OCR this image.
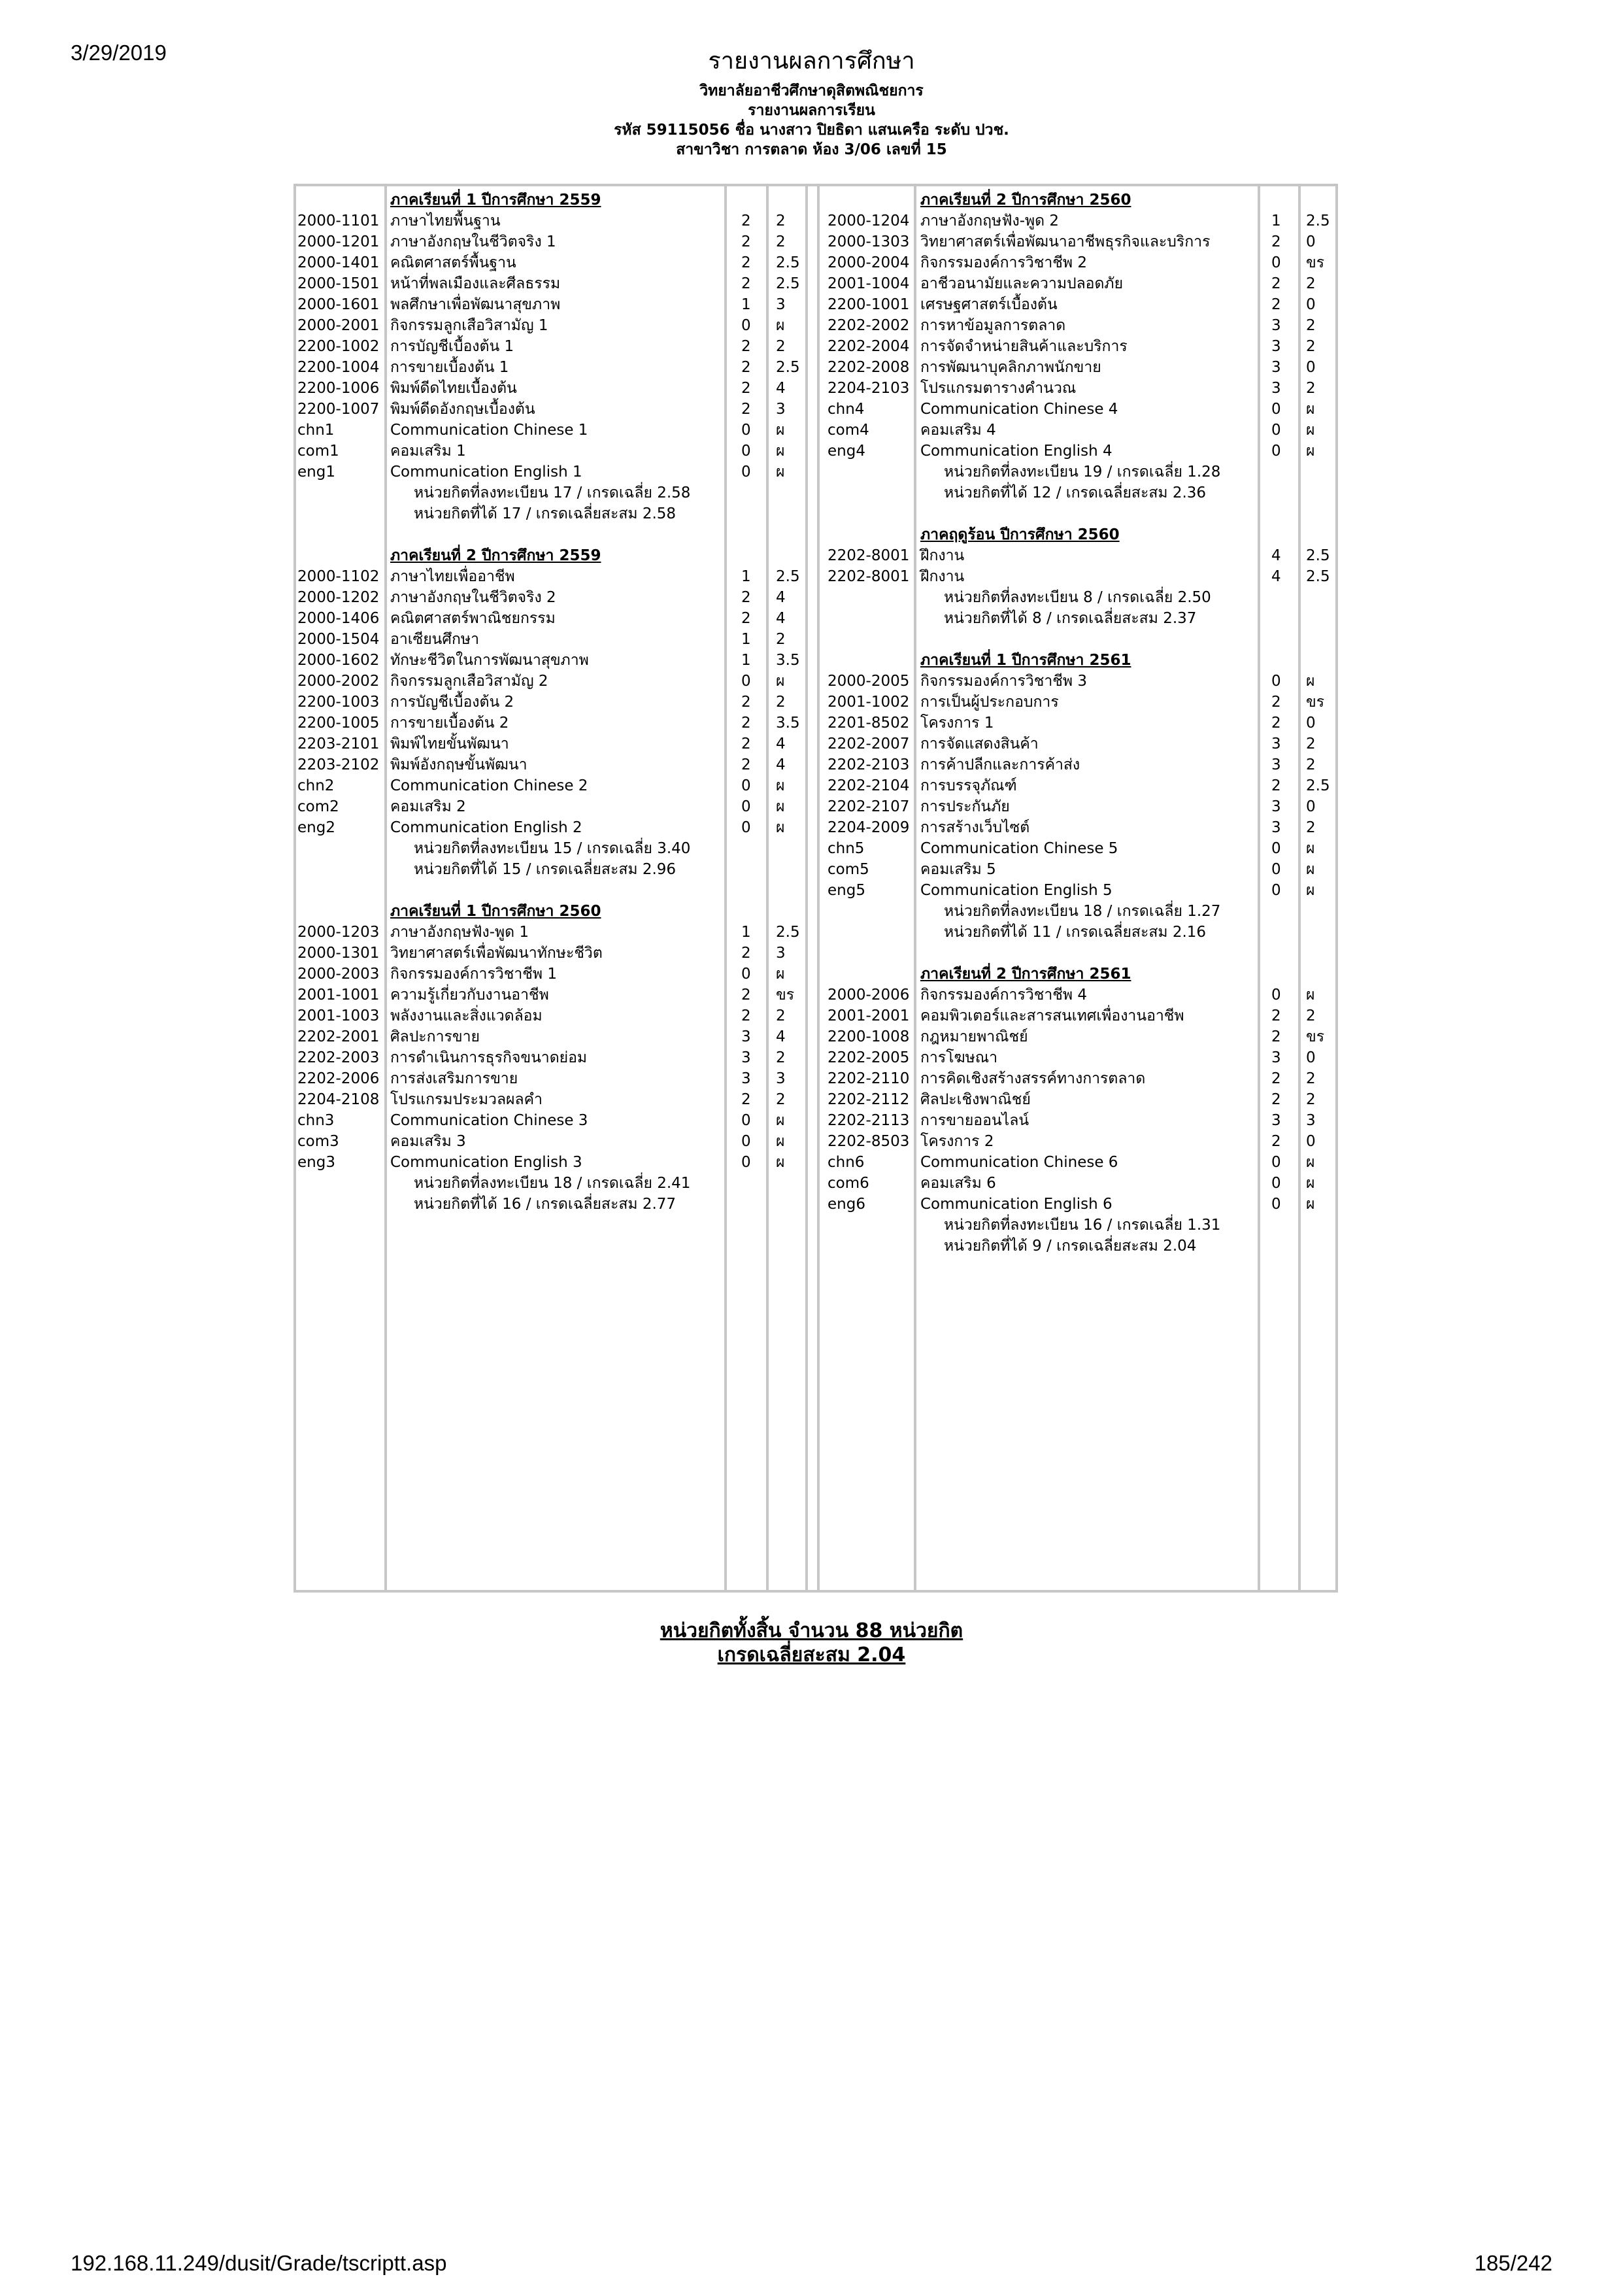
3/29/2019	รายงานผลการศึกษา
วิทยาลัยอาชีวศึกษาดุสิตพณิชยการ
รายงานผลการเรียน
รหัส 59115056 ชื่อ นางสาว ปิยธิดา แสนเครือ ระดับ ปวช.
สาขาวิชา การตลาด ห้อง 3/06 เลขที่ 15
ภาคเรียนที่ 1 ปีการศึกษา 2559
2000-1101 ภาษาไทยพื้นฐาน	2 2
2000-1201 ภาษาอังกฤษในชีวิตจริง 1	2 2
2000-1401 คณิตศาสตร์พื้นฐาน	2 2.5
2000-1501 หน้าที่พลเมืองและศีลธรรม	2 2.5
2000-1601 พลศึกษาเพื่อพัฒนาสุขภาพ	1 3
2000-2001 กิจกรรมลูกเสือวิสามัญ 1	0 ผ
2200-1002 การบัญชีเบื้องต้น 1	2 2
2200-1004 การขายเบื้องต้น 1	2 2.5
2200-1006 พิมพ์ดีดไทยเบื้องต้น	2 4
2200-1007 พิมพ์ดีดอังกฤษเบื้องต้น	2 3
chn1	Communication Chinese 1	0 ผ
com1	คอมเสริม 1	0 ผ
eng1	Communication English 1	0 ผ
หน่วยกิตที่ลงทะเบียน 17 / เกรดเฉลี่ย 2.58
หน่วยกิตที่ได้ 17 / เกรดเฉลี่ยสะสม 2.58
ภาคเรียนที่ 2 ปีการศึกษา 2559
2000-1102 ภาษาไทยเพื่ออาชีพ	1 2.5
2000-1202 ภาษาอังกฤษในชีวิตจริง 2	2 4
2000-1406 คณิตศาสตร์พาณิชยกรรม	2 4
2000-1504 อาเซียนศึกษา	1 2
2000-1602 ทักษะชีวิตในการพัฒนาสุขภาพ	1 3.5
2000-2002 กิจกรรมลูกเสือวิสามัญ 2	0 ผ
2200-1003 การบัญชีเบื้องต้น 2	2 2
2200-1005 การขายเบื้องต้น 2	2 3.5
2203-2101 พิมพ์ไทยขั้นพัฒนา	2 4
2203-2102 พิมพ์อังกฤษขั้นพัฒนา	2 4
chn2	Communication Chinese 2	0 ผ
com2	คอมเสริม 2	0 ผ
eng2	Communication English 2	0 ผ
หน่วยกิตที่ลงทะเบียน 15 / เกรดเฉลี่ย 3.40
หน่วยกิตที่ได้ 15 / เกรดเฉลี่ยสะสม 2.96
ภาคเรียนที่ 1 ปีการศึกษา 2560
2000-1203 ภาษาอังกฤษฟัง-พูด 1	1 2.5
2000-1301 วิทยาศาสตร์เพื่อพัฒนาทักษะชีวิต	2 3
2000-2003 กิจกรรมองค์การวิชาชีพ 1	0 ผ
2001-1001 ความรู้เกี่ยวกับงานอาชีพ	2 ขร
2001-1003 พลังงานและสิ่งแวดล้อม	2 2
2202-2001 ศิลปะการขาย	3 4
2202-2003 การดำเนินการธุรกิจขนาดย่อม	3 2
2202-2006 การส่งเสริมการขาย	3 3
2204-2108 โปรแกรมประมวลผลคำ	2 2
chn3	Communication Chinese 3	0 ผ
com3	คอมเสริม 3	0 ผ
eng3	Communication English 3	0 ผ
หน่วยกิตที่ลงทะเบียน 18 / เกรดเฉลี่ย 2.41
หน่วยกิตที่ได้ 16 / เกรดเฉลี่ยสะสม 2.77
ภาคเรียนที่ 2 ปีการศึกษา 2560
2000-1204 ภาษาอังกฤษฟัง-พูด 2	1 2.5
2000-1303 วิทยาศาสตร์เพื่อพัฒนาอาชีพธุรกิจและบริการ	2 0
2000-2004 กิจกรรมองค์การวิชาชีพ 2	0 ขร
2001-1004 อาชีวอนามัยและความปลอดภัย	2 2
2200-1001 เศรษฐศาสตร์เบื้องต้น	2 0
2202-2002 การหาข้อมูลการตลาด	3 2
2202-2004 การจัดจำหน่ายสินค้าและบริการ	3 2
2202-2008 การพัฒนาบุคลิกภาพนักขาย	3 0
2204-2103 โปรแกรมตารางคำนวณ	3 2
chn4	Communication Chinese 4	0 ผ
com4	คอมเสริม 4	0 ผ
eng4	Communication English 4	0 ผ
หน่วยกิตที่ลงทะเบียน 19 / เกรดเฉลี่ย 1.28
หน่วยกิตที่ได้ 12 / เกรดเฉลี่ยสะสม 2.36
ภาคฤดูร้อน ปีการศึกษา 2560
2202-8001 ฝึกงาน	4 2.5
2202-8001 ฝึกงาน	4 2.5
หน่วยกิตที่ลงทะเบียน 8 / เกรดเฉลี่ย 2.50
หน่วยกิตที่ได้ 8 / เกรดเฉลี่ยสะสม 2.37
ภาคเรียนที่ 1 ปีการศึกษา 2561
2000-2005 กิจกรรมองค์การวิชาชีพ 3	0 ผ
2001-1002 การเป็นผู้ประกอบการ	2 ขร
2201-8502 โครงการ 1	2 0
2202-2007 การจัดแสดงสินค้า	3 2
2202-2103 การค้าปลีกและการค้าส่ง	3 2
2202-2104 การบรรจุภัณฑ์	2 2.5
2202-2107 การประกันภัย	3 0
2204-2009 การสร้างเว็บไซต์	3 2
chn5	Communication Chinese 5	0 ผ
com5	คอมเสริม 5	0 ผ
eng5	Communication English 5	0 ผ
หน่วยกิตที่ลงทะเบียน 18 / เกรดเฉลี่ย 1.27
หน่วยกิตที่ได้ 11 / เกรดเฉลี่ยสะสม 2.16
ภาคเรียนที่ 2 ปีการศึกษา 2561
2000-2006 กิจกรรมองค์การวิชาชีพ 4	0 ผ
2001-2001 คอมพิวเตอร์และสารสนเทศเพื่องานอาชีพ	2 2
2200-1008 กฎหมายพาณิชย์	2 ขร
2202-2005 การโฆษณา	3 0
2202-2110 การคิดเชิงสร้างสรรค์ทางการตลาด	2 2
2202-2112 ศิลปะเชิงพาณิชย์	2 2
2202-2113 การขายออนไลน์	3 3
2202-8503 โครงการ 2	2 0
chn6	Communication Chinese 6	0 ผ
com6	คอมเสริม 6	0 ผ
eng6	Communication English 6	0 ผ
หน่วยกิตที่ลงทะเบียน 16 / เกรดเฉลี่ย 1.31
หน่วยกิตที่ได้ 9 / เกรดเฉลี่ยสะสม 2.04
หน่วยกิตทั้งสิ้น จำนวน 88 หน่วยกิต
เกรดเฉลี่ยสะสม 2.04
192.168.11.249/dusit/Grade/tscriptt.asp	185/242
